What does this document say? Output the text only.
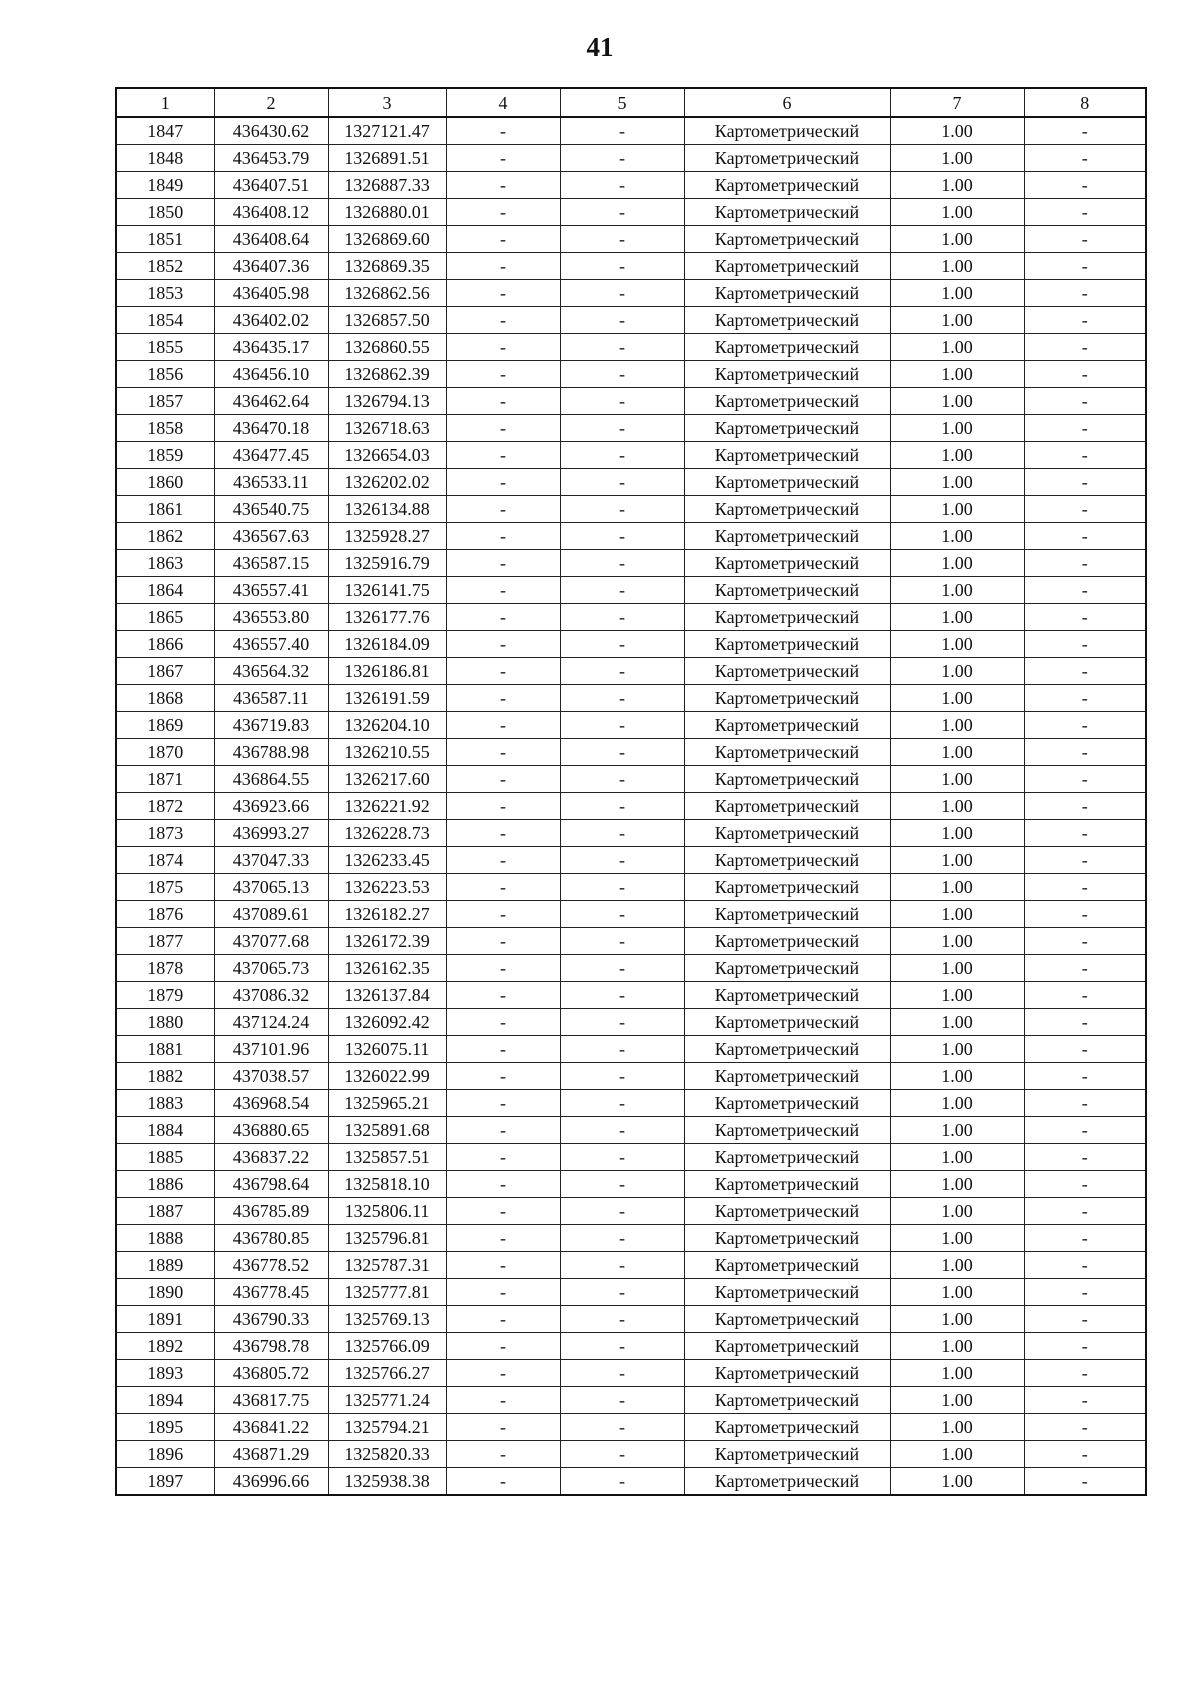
41
1	2	3	4	5	6	7	8
1847	436430.62	1327121.47	-	-	Картометрический	1.00	-
1848	436453.79	1326891.51	-	-	Картометрический	1.00	-
1849	436407.51	1326887.33	-	-	Картометрический	1.00	-
1850	436408.12	1326880.01	-	-	Картометрический	1.00	-
1851	436408.64	1326869.60	-	-	Картометрический	1.00	-
1852	436407.36	1326869.35	-	-	Картометрический	1.00	-
1853	436405.98	1326862.56	-	-	Картометрический	1.00	-
1854	436402.02	1326857.50	-	-	Картометрический	1.00	-
1855	436435.17	1326860.55	-	-	Картометрический	1.00	-
1856	436456.10	1326862.39	-	-	Картометрический	1.00	-
1857	436462.64	1326794.13	-	-	Картометрический	1.00	-
1858	436470.18	1326718.63	-	-	Картометрический	1.00	-
1859	436477.45	1326654.03	-	-	Картометрический	1.00	-
1860	436533.11	1326202.02	-	-	Картометрический	1.00	-
1861	436540.75	1326134.88	-	-	Картометрический	1.00	-
1862	436567.63	1325928.27	-	-	Картометрический	1.00	-
1863	436587.15	1325916.79	-	-	Картометрический	1.00	-
1864	436557.41	1326141.75	-	-	Картометрический	1.00	-
1865	436553.80	1326177.76	-	-	Картометрический	1.00	-
1866	436557.40	1326184.09	-	-	Картометрический	1.00	-
1867	436564.32	1326186.81	-	-	Картометрический	1.00	-
1868	436587.11	1326191.59	-	-	Картометрический	1.00	-
1869	436719.83	1326204.10	-	-	Картометрический	1.00	-
1870	436788.98	1326210.55	-	-	Картометрический	1.00	-
1871	436864.55	1326217.60	-	-	Картометрический	1.00	-
1872	436923.66	1326221.92	-	-	Картометрический	1.00	-
1873	436993.27	1326228.73	-	-	Картометрический	1.00	-
1874	437047.33	1326233.45	-	-	Картометрический	1.00	-
1875	437065.13	1326223.53	-	-	Картометрический	1.00	-
1876	437089.61	1326182.27	-	-	Картометрический	1.00	-
1877	437077.68	1326172.39	-	-	Картометрический	1.00	-
1878	437065.73	1326162.35	-	-	Картометрический	1.00	-
1879	437086.32	1326137.84	-	-	Картометрический	1.00	-
1880	437124.24	1326092.42	-	-	Картометрический	1.00	-
1881	437101.96	1326075.11	-	-	Картометрический	1.00	-
1882	437038.57	1326022.99	-	-	Картометрический	1.00	-
1883	436968.54	1325965.21	-	-	Картометрический	1.00	-
1884	436880.65	1325891.68	-	-	Картометрический	1.00	-
1885	436837.22	1325857.51	-	-	Картометрический	1.00	-
1886	436798.64	1325818.10	-	-	Картометрический	1.00	-
1887	436785.89	1325806.11	-	-	Картометрический	1.00	-
1888	436780.85	1325796.81	-	-	Картометрический	1.00	-
1889	436778.52	1325787.31	-	-	Картометрический	1.00	-
1890	436778.45	1325777.81	-	-	Картометрический	1.00	-
1891	436790.33	1325769.13	-	-	Картометрический	1.00	-
1892	436798.78	1325766.09	-	-	Картометрический	1.00	-
1893	436805.72	1325766.27	-	-	Картометрический	1.00	-
1894	436817.75	1325771.24	-	-	Картометрический	1.00	-
1895	436841.22	1325794.21	-	-	Картометрический	1.00	-
1896	436871.29	1325820.33	-	-	Картометрический	1.00	-
1897	436996.66	1325938.38	-	-	Картометрический	1.00	-
